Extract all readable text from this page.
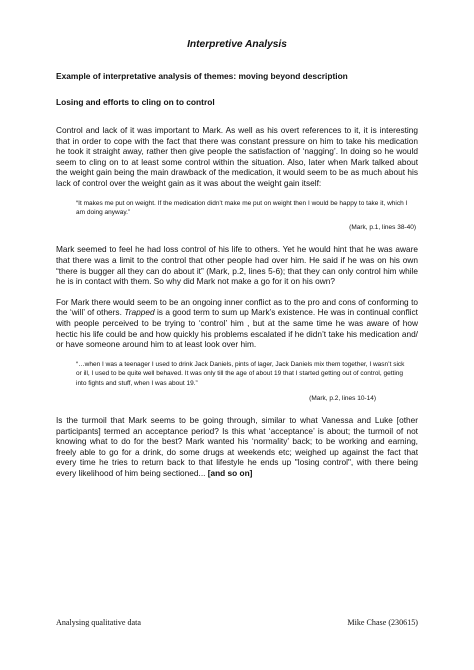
Interpretive Analysis
Example of interpretative analysis of themes: moving beyond description
Losing and efforts to cling on to control

Control and lack of it was important to Mark. As well as his overt references to it, it is interesting that in order to cope with the fact that there was constant pressure on him to take his medication he took it straight away, rather then give people the satisfaction of ‘nagging’. In doing so he would seem to cling on to at least some control within the situation. Also, later when Mark talked about the weight gain being the main drawback of the medication, it would seem to be as much about his lack of control over the weight gain as it was about the weight gain itself:

“It makes me put on weight. If the medication didn’t make me put on weight then I would be happy to take it, which I am doing anyway.”
(Mark, p.1, lines 38-40)

Mark seemed to feel he had loss control of his life to others. Yet he would hint that he was aware that there was a limit to the control that other people had over him. He said if he was on his own “there is bugger all they can do about it” (Mark, p.2, lines 5-6); that they can only control him while he is in contact with them. So why did Mark not make a go for it on his own?

For Mark there would seem to be an ongoing inner conflict as to the pro and cons of conforming to the ‘will’ of others. Trapped is a good term to sum up Mark’s existence. He was in continual conflict with people perceived to be trying to ‘control’ him , but at the same time he was aware of how hectic his life could be and how quickly his problems escalated if he didn’t take his medication and/ or have someone around him to at least look over him.

“…when I was a teenager I used to drink Jack Daniels, pints of lager, Jack Daniels mix them together, I wasn’t sick or ill, I used to be quite well behaved. It was only till the age of about 19 that I started getting out of control, getting into fights and stuff, when I was about 19.”
(Mark, p.2, lines 10-14)

Is the turmoil that Mark seems to be going through, similar to what Vanessa and Luke [other participants] termed an acceptance period? Is this what ‘acceptance’ is about; the turmoil of not knowing what to do for the best? Mark wanted his ‘normality’ back; to be working and earning, freely able to go for a drink, do some drugs at weekends etc; weighed up against the fact that every time he tries to return back to that lifestyle he ends up "losing control", with there being every likelihood of him being sectioned... [and so on]

Analysing qualitative data	Mike Chase (230615)
